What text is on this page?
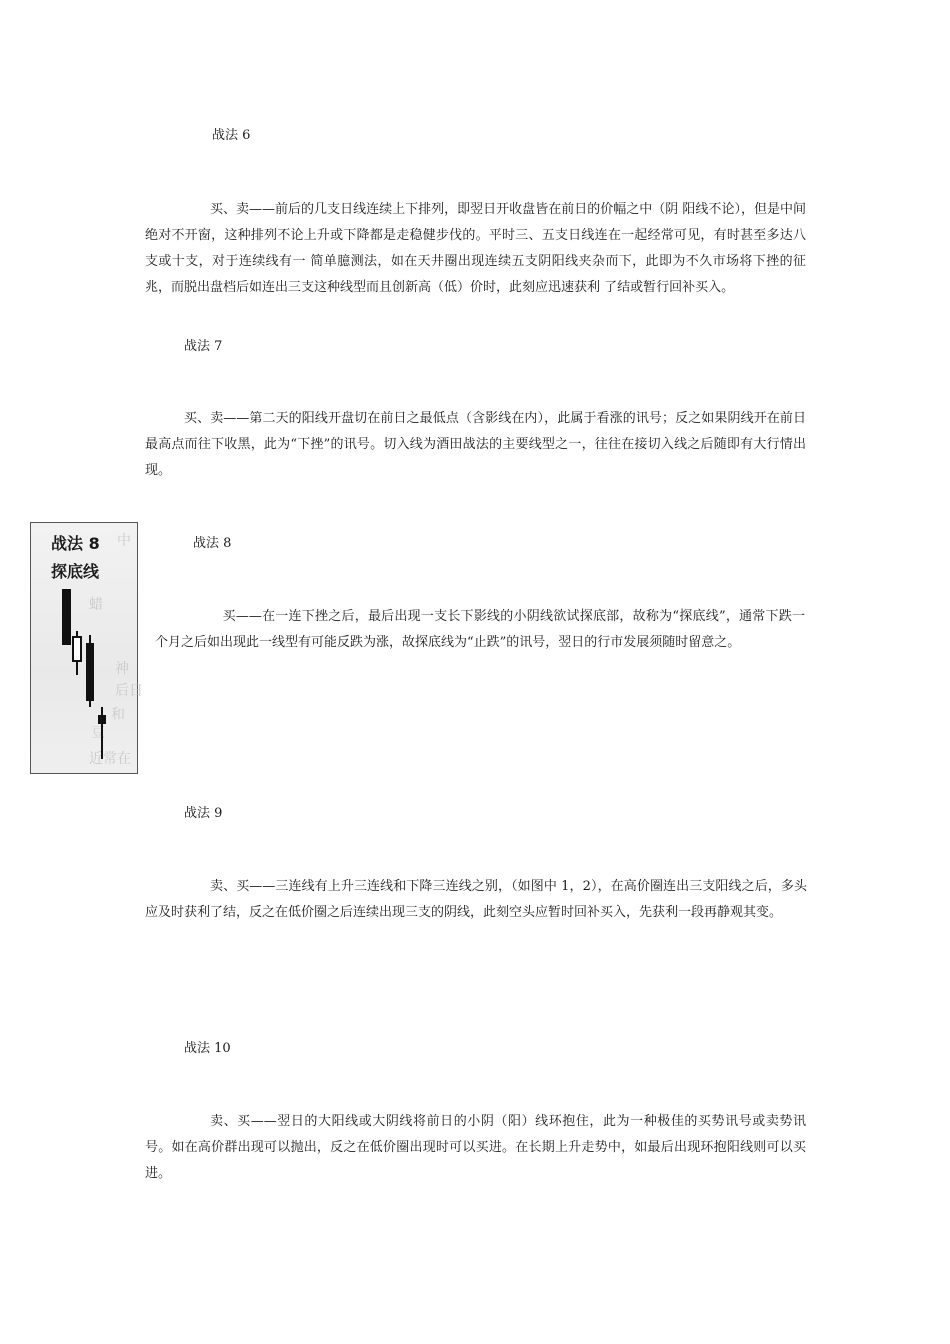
战法 6
买、卖——前后的几支日线连续上下排列，即翌日开收盘皆在前日的价幅之中（阴 阳线不论），但是中间绝对不开窗，这种排列不论上升或下降都是走稳健步伐的。平时三、五支日线连在一起经常可见，有时甚至多达八支或十支，对于连续线有一 简单臆测法，如在天井圈出现连续五支阴阳线夹杂而下，此即为不久市场将下挫的征兆，而脱出盘档后如连出三支这种线型而且创新高（低）价时，此刻应迅速获利 了结或暂行回补买入。
战法 7
买、卖——第二天的阳线开盘切在前日之最低点（含影线在内），此属于看涨的讯号；反之如果阴线开在前日最高点而往下收黑，此为“下挫”的讯号。切入线为酒田战法的主要线型之一，往往在接切入线之后随即有大行情出现。
中
蜡
神
后日
和
豆
近常在
战法 8
探底线
战法 8
买——在一连下挫之后，最后出现一支长下影线的小阴线欲试探底部，故称为“探底线”，通常下跌一个月之后如出现此一线型有可能反跌为涨，故探底线为“止跌”的讯号，翌日的行市发展须随时留意之。
战法 9
卖、买——三连线有上升三连线和下降三连线之别，（如图中 1，2），在高价圈连出三支阳线之后，多头应及时获利了结，反之在低价圈之后连续出现三支的阴线，此刻空头应暂时回补买入，先获利一段再静观其变。
战法 10
卖、买——翌日的大阳线或大阴线将前日的小阴（阳）线环抱住，此为一种极佳的买势讯号或卖势讯号。如在高价群出现可以抛出，反之在低价圈出现时可以买进。在长期上升走势中，如最后出现环抱阳线则可以买进。
